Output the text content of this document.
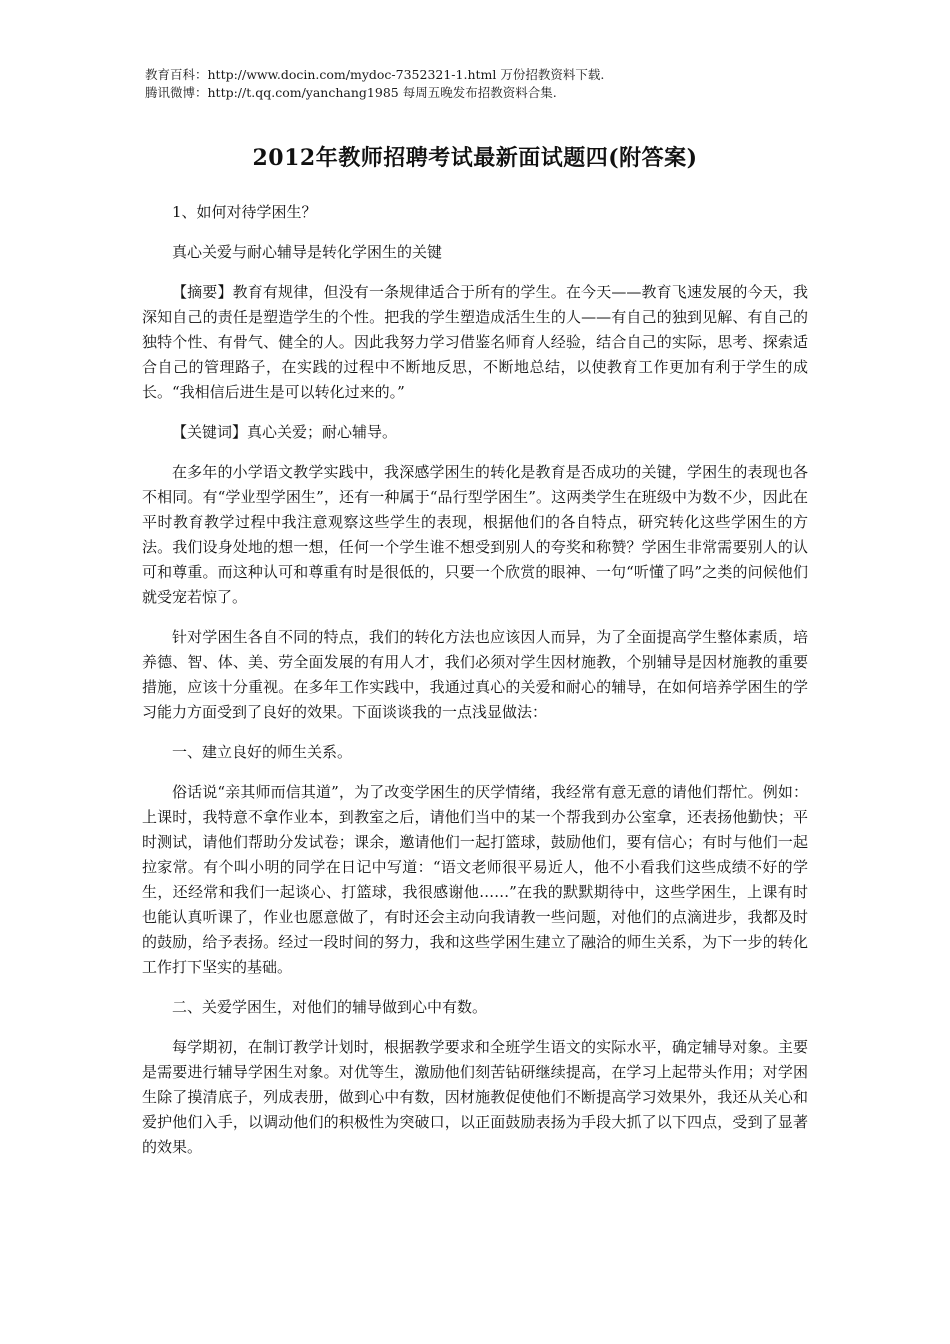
教育百科：http://www.docin.com/mydoc-7352321-1.html 万份招教资料下载.
腾讯微博：http://t.qq.com/yanchang1985 每周五晚发布招教资料合集.
2012年教师招聘考试最新面试题四(附答案)

1、如何对待学困生？

真心关爱与耐心辅导是转化学困生的关键

【摘要】教育有规律，但没有一条规律适合于所有的学生。在今天——教育飞速发展的今天，我深知自己的责任是塑造学生的个性。把我的学生塑造成活生生的人——有自己的独到见解、有自己的独特个性、有骨气、健全的人。因此我努力学习借鉴名师育人经验，结合自己的实际，思考、探索适合自己的管理路子，在实践的过程中不断地反思，不断地总结，以使教育工作更加有利于学生的成长。“我相信后进生是可以转化过来的。”

【关键词】真心关爱；耐心辅导。

在多年的小学语文教学实践中，我深感学困生的转化是教育是否成功的关键，学困生的表现也各不相同。有“学业型学困生”，还有一种属于“品行型学困生”。这两类学生在班级中为数不少，因此在平时教育教学过程中我注意观察这些学生的表现，根据他们的各自特点，研究转化这些学困生的方法。我们设身处地的想一想，任何一个学生谁不想受到别人的夸奖和称赞？学困生非常需要别人的认可和尊重。而这种认可和尊重有时是很低的，只要一个欣赏的眼神、一句“听懂了吗”之类的问候他们就受宠若惊了。

针对学困生各自不同的特点，我们的转化方法也应该因人而异，为了全面提高学生整体素质，培养德、智、体、美、劳全面发展的有用人才，我们必须对学生因材施教，个别辅导是因材施教的重要措施，应该十分重视。在多年工作实践中，我通过真心的关爱和耐心的辅导，在如何培养学困生的学习能力方面受到了良好的效果。下面谈谈我的一点浅显做法：

一、建立良好的师生关系。

俗话说“亲其师而信其道”，为了改变学困生的厌学情绪，我经常有意无意的请他们帮忙。例如：上课时，我特意不拿作业本，到教室之后，请他们当中的某一个帮我到办公室拿，还表扬他勤快；平时测试，请他们帮助分发试卷；课余，邀请他们一起打篮球，鼓励他们，要有信心；有时与他们一起拉家常。有个叫小明的同学在日记中写道：“语文老师很平易近人，他不小看我们这些成绩不好的学生，还经常和我们一起谈心、打篮球，我很感谢他……”在我的默默期待中，这些学困生，上课有时也能认真听课了，作业也愿意做了，有时还会主动向我请教一些问题，对他们的点滴进步，我都及时的鼓励，给予表扬。经过一段时间的努力，我和这些学困生建立了融洽的师生关系，为下一步的转化工作打下坚实的基础。

二、关爱学困生，对他们的辅导做到心中有数。

每学期初，在制订教学计划时，根据教学要求和全班学生语文的实际水平，确定辅导对象。主要是需要进行辅导学困生对象。对优等生，激励他们刻苦钻研继续提高，在学习上起带头作用；对学困生除了摸清底子，列成表册，做到心中有数，因材施教促使他们不断提高学习效果外，我还从关心和爱护他们入手，以调动他们的积极性为突破口，以正面鼓励表扬为手段大抓了以下四点，受到了显著的效果。
